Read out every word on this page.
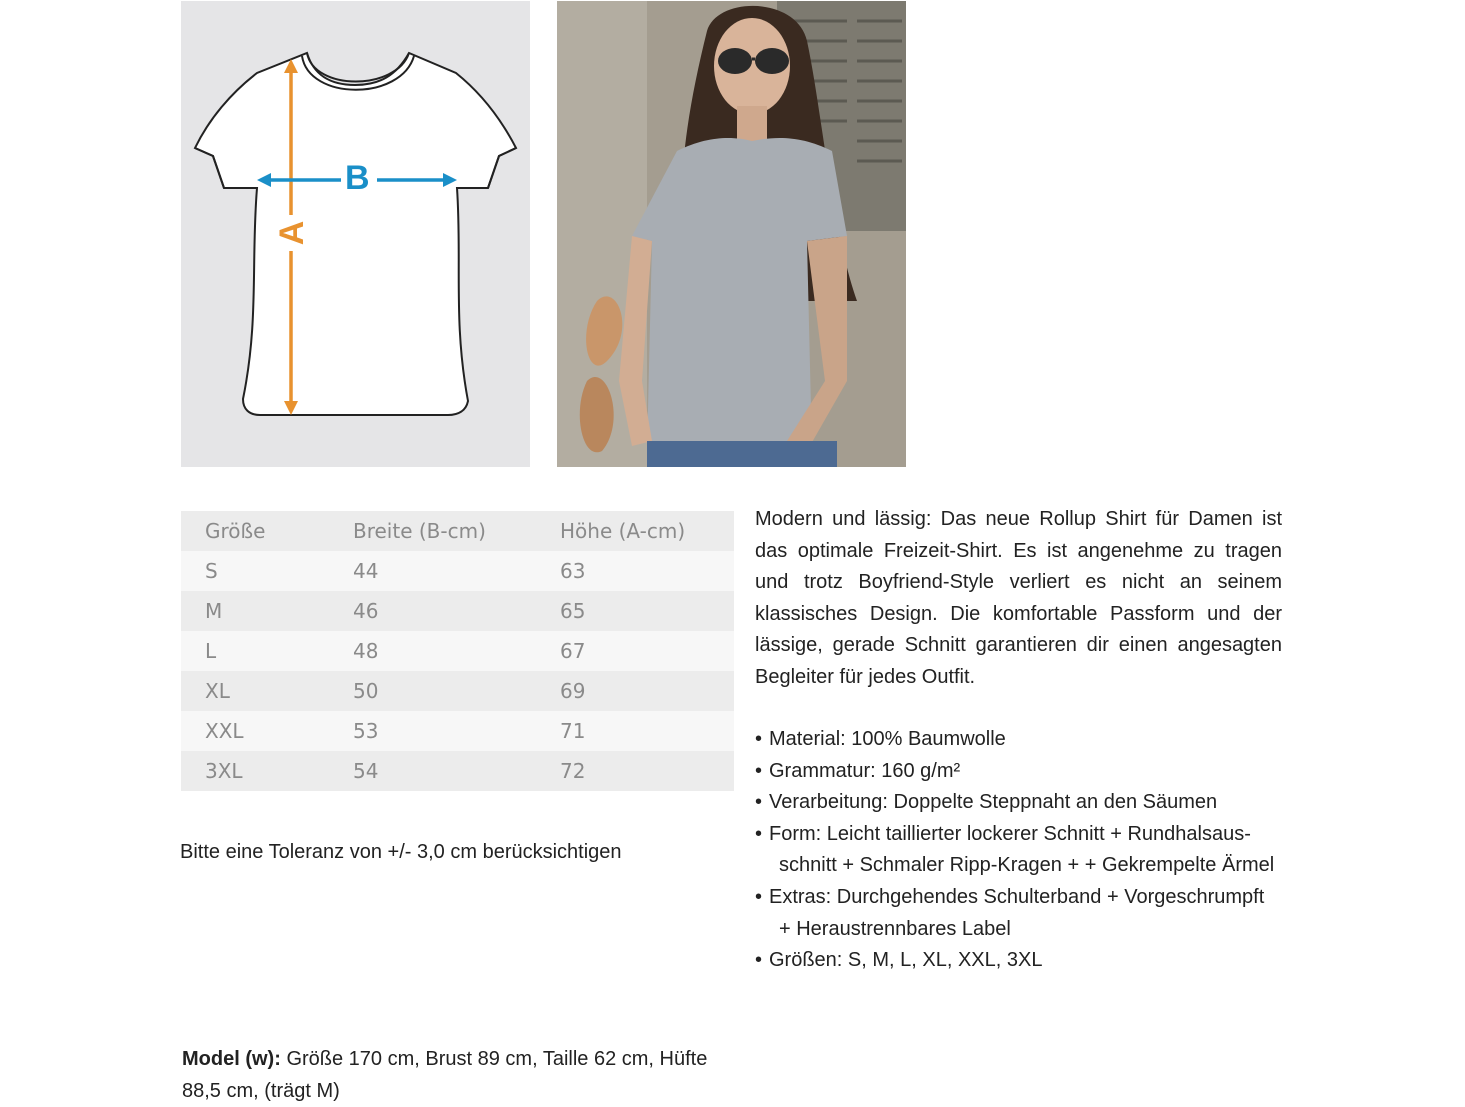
B
A
Größe	Breite (B-cm)	Höhe (A-cm)
S	44	63
M	46	65
L	48	67
XL	50	69
XXL	53	71
3XL	54	72
Bitte eine Toleranz von +/- 3,0 cm berücksichtigen
Model (w): Größe 170 cm, Brust 89 cm, Taille 62 cm, Hüfte 88,5 cm, (trägt M)

Modern und lässig: Das neue Rollup Shirt für Damen ist das optimale Freizeit-Shirt. Es ist angenehme zu tragen und trotz Boyfriend-Style verliert es nicht an seinem klassisches Design. Die komfortable Passform und der lässige, gerade Schnitt garantieren dir einen angesagten Begleiter für jedes Outfit.

• Material: 100% Baumwolle
• Grammatur: 160 g/m²
• Verarbeitung: Doppelte Steppnaht an den Säumen
• Form: Leicht taillierter lockerer Schnitt + Rundhalsaus-
schnitt + Schmaler Ripp-Kragen + + Gekrempelte Ärmel
• Extras: Durchgehendes Schulterband + Vorgeschrumpft
+ Heraustrennbares Label
• Größen: S, M, L, XL, XXL, 3XL
